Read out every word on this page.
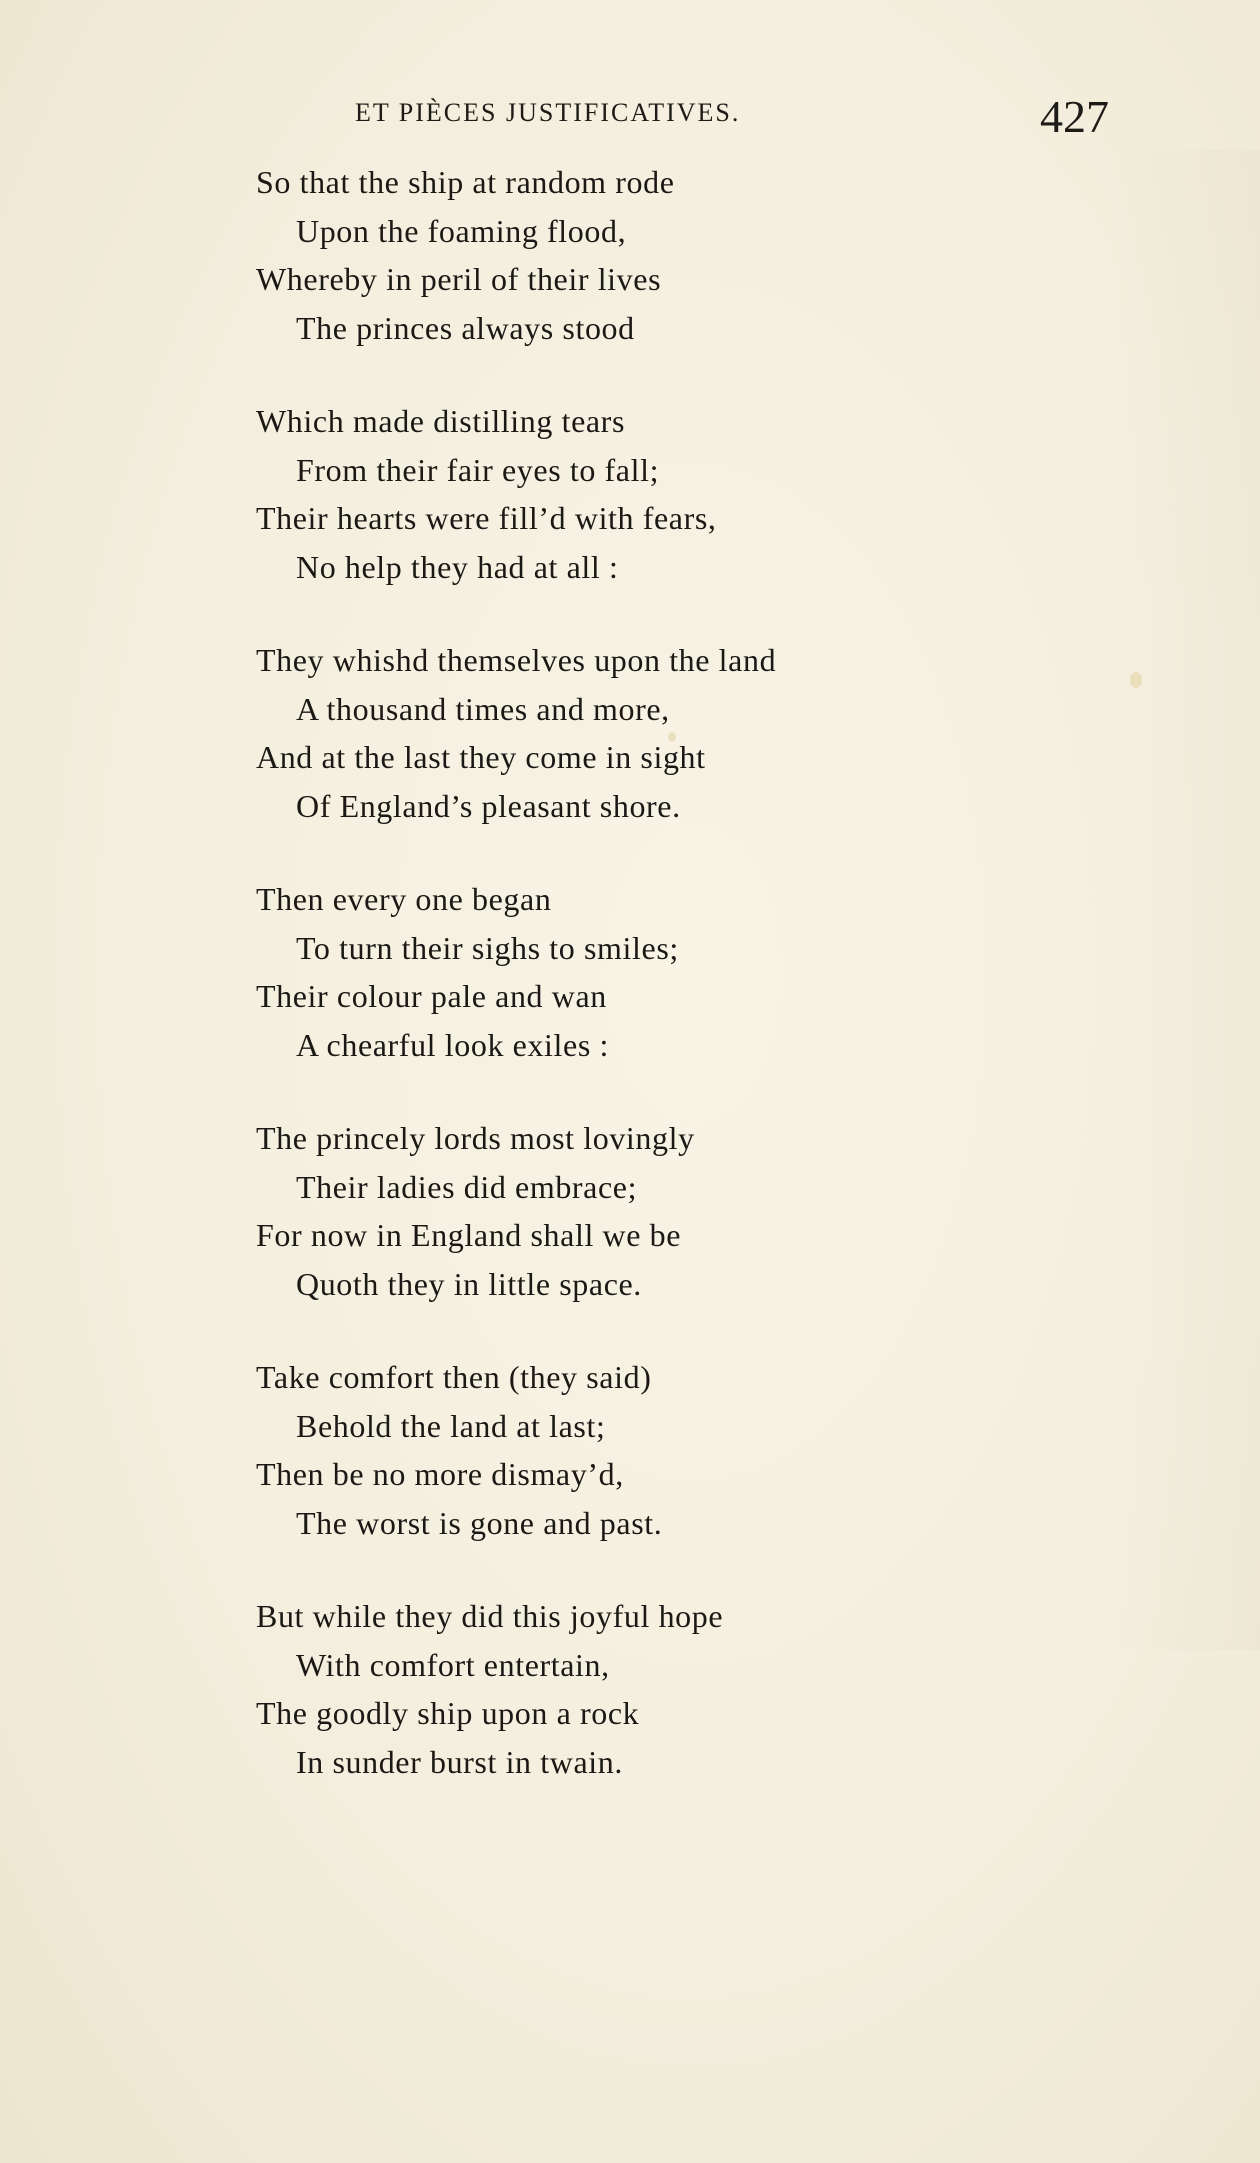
ET PIÈCES JUSTIFICATIVES.	427
So that the ship at random rode
Upon the foaming flood,
Whereby in peril of their lives
The princes always stood
Which made distilling tears
From their fair eyes to fall;
Their hearts were fill’d with fears,
No help they had at all :
They whishd themselves upon the land
A thousand times and more,
And at the last they come in sight
Of England’s pleasant shore.
Then every one began
To turn their sighs to smiles;
Their colour pale and wan
A chearful look exiles :
The princely lords most lovingly
Their ladies did embrace;
For now in England shall we be
Quoth they in little space.
Take comfort then (they said)
Behold the land at last;
Then be no more dismay’d,
The worst is gone and past.
But while they did this joyful hope
With comfort entertain,
The goodly ship upon a rock
In sunder burst in twain.
